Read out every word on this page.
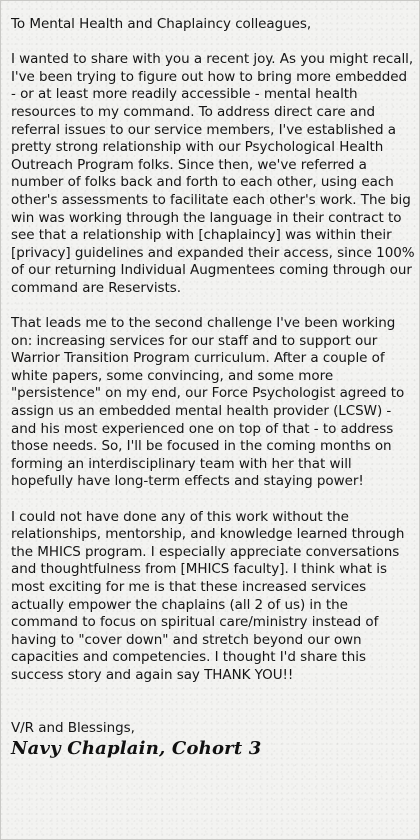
To Mental Health and Chaplaincy colleagues,

I wanted to share with you a recent joy. As you might recall, I've been trying to figure out how to bring more embedded - or at least more readily accessible - mental health resources to my command. To address direct care and referral issues to our service members, I've established a pretty strong relationship with our Psychological Health Outreach Program folks. Since then, we've referred a number of folks back and forth to each other, using each other's assessments to facilitate each other's work. The big win was working through the language in their contract to see that a relationship with [chaplaincy] was within their [privacy] guidelines and expanded their access, since 100% of our returning Individual Augmentees coming through our command are Reservists.

That leads me to the second challenge I've been working on: increasing services for our staff and to support our Warrior Transition Program curriculum. After a couple of white papers, some convincing, and some more "persistence" on my end, our Force Psychologist agreed to assign us an embedded mental health provider (LCSW) - and his most experienced one on top of that - to address those needs. So, I'll be focused in the coming months on forming an interdisciplinary team with her that will hopefully have long-term effects and staying power!

I could not have done any of this work without the relationships, mentorship, and knowledge learned through the MHICS program. I especially appreciate conversations and thoughtfulness from [MHICS faculty]. I think what is most exciting for me is that these increased services actually empower the chaplains (all 2 of us) in the command to focus on spiritual care/ministry instead of having to "cover down" and stretch beyond our own capacities and competencies. I thought I'd share this success story and again say THANK YOU!!

V/R and Blessings,

Navy Chaplain, Cohort 3
